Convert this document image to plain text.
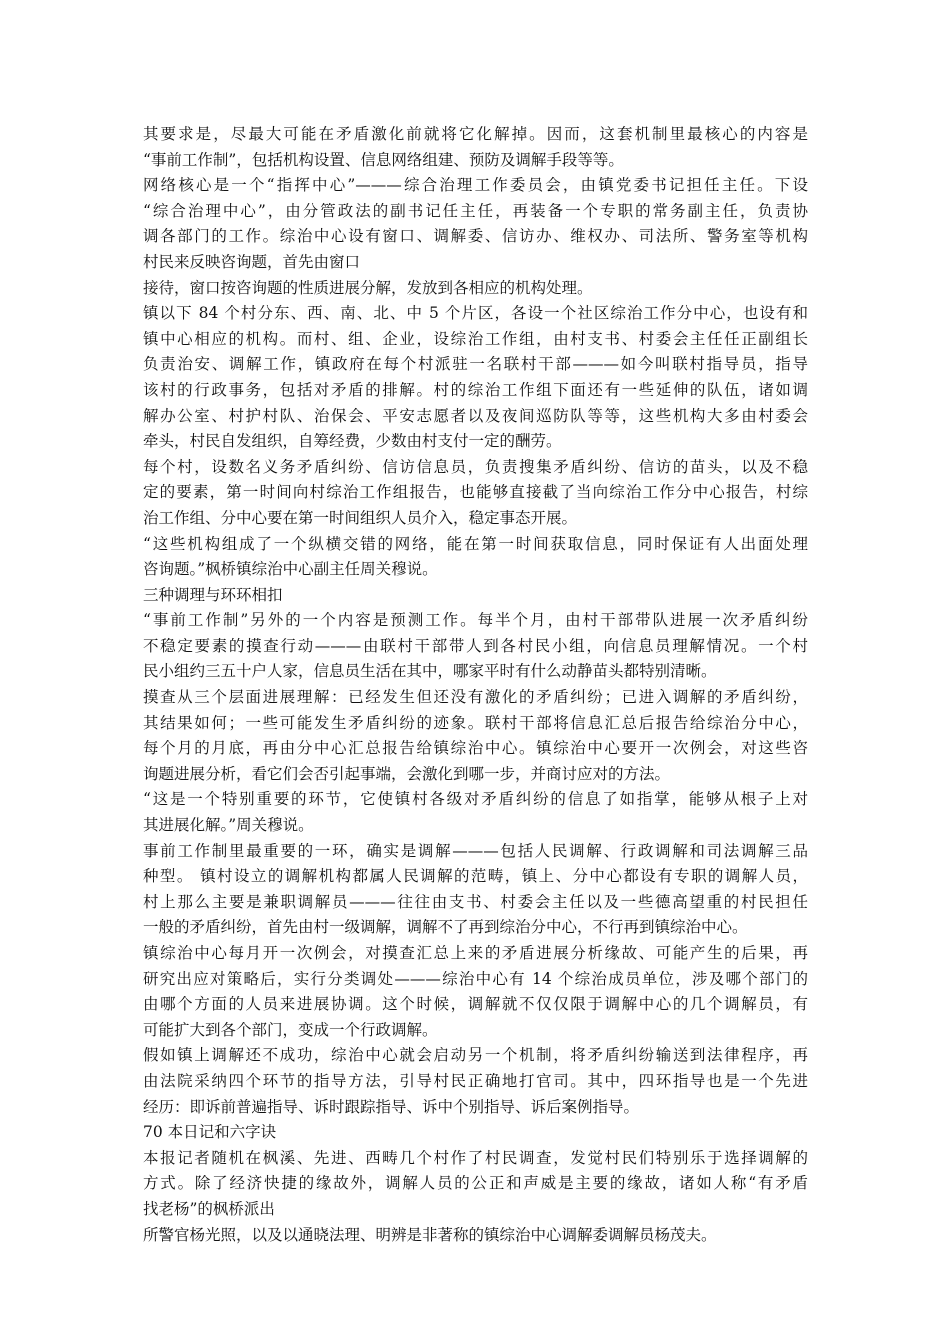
其要求是，尽最大可能在矛盾激化前就将它化解掉。因而，这套机制里最核心的内容是
“事前工作制”，包括机构设置、信息网络组建、预防及调解手段等等。
网络核心是一个“指挥中心”———综合治理工作委员会，由镇党委书记担任主任。下设
“综合治理中心”，由分管政法的副书记任主任，再装备一个专职的常务副主任，负责协
调各部门的工作。综治中心设有窗口、调解委、信访办、维权办、司法所、警务室等机构
村民来反映咨询题，首先由窗口
接待，窗口按咨询题的性质进展分解，发放到各相应的机构处理。
镇以下 84 个村分东、西、南、北、中 5 个片区，各设一个社区综治工作分中心，也设有和
镇中心相应的机构。而村、组、企业，设综治工作组，由村支书、村委会主任任正副组长
负责治安、调解工作，镇政府在每个村派驻一名联村干部———如今叫联村指导员，指导
该村的行政事务，包括对矛盾的排解。村的综治工作组下面还有一些延伸的队伍，诸如调
解办公室、村护村队、治保会、平安志愿者以及夜间巡防队等等，这些机构大多由村委会
牵头，村民自发组织，自筹经费，少数由村支付一定的酬劳。
每个村，设数名义务矛盾纠纷、信访信息员，负责搜集矛盾纠纷、信访的苗头，以及不稳
定的要素，第一时间向村综治工作组报告，也能够直接截了当向综治工作分中心报告，村综
治工作组、分中心要在第一时间组织人员介入，稳定事态开展。
“这些机构组成了一个纵横交错的网络，能在第一时间获取信息，同时保证有人出面处理
咨询题。”枫桥镇综治中心副主任周关穆说。
三种调理与环环相扣
“事前工作制”另外的一个内容是预测工作。每半个月，由村干部带队进展一次矛盾纠纷
不稳定要素的摸查行动———由联村干部带人到各村民小组，向信息员理解情况。一个村
民小组约三五十户人家，信息员生活在其中，哪家平时有什么动静苗头都特别清晰。
摸查从三个层面进展理解：已经发生但还没有激化的矛盾纠纷；已进入调解的矛盾纠纷，
其结果如何；一些可能发生矛盾纠纷的迹象。联村干部将信息汇总后报告给综治分中心，
每个月的月底，再由分中心汇总报告给镇综治中心。镇综治中心要开一次例会，对这些咨
询题进展分析，看它们会否引起事端，会激化到哪一步，并商讨应对的方法。
“这是一个特别重要的环节，它使镇村各级对矛盾纠纷的信息了如指掌，能够从根子上对
其进展化解。”周关穆说。
事前工作制里最重要的一环，确实是调解———包括人民调解、行政调解和司法调解三品
种型。 镇村设立的调解机构都属人民调解的范畴，镇上、分中心都设有专职的调解人员，
村上那么主要是兼职调解员———往往由支书、村委会主任以及一些德高望重的村民担任
一般的矛盾纠纷，首先由村一级调解，调解不了再到综治分中心，不行再到镇综治中心。
镇综治中心每月开一次例会，对摸查汇总上来的矛盾进展分析缘故、可能产生的后果，再
研究出应对策略后，实行分类调处———综治中心有 14 个综治成员单位，涉及哪个部门的
由哪个方面的人员来进展协调。这个时候，调解就不仅仅限于调解中心的几个调解员，有
可能扩大到各个部门，变成一个行政调解。
假如镇上调解还不成功，综治中心就会启动另一个机制，将矛盾纠纷输送到法律程序，再
由法院采纳四个环节的指导方法，引导村民正确地打官司。其中，四环指导也是一个先进
经历：即诉前普遍指导、诉时跟踪指导、诉中个别指导、诉后案例指导。
70 本日记和六字诀
本报记者随机在枫溪、先进、西畴几个村作了村民调查，发觉村民们特别乐于选择调解的
方式。除了经济快捷的缘故外，调解人员的公正和声威是主要的缘故，诸如人称“有矛盾
找老杨”的枫桥派出
所警官杨光照，以及以通晓法理、明辨是非著称的镇综治中心调解委调解员杨茂夫。
